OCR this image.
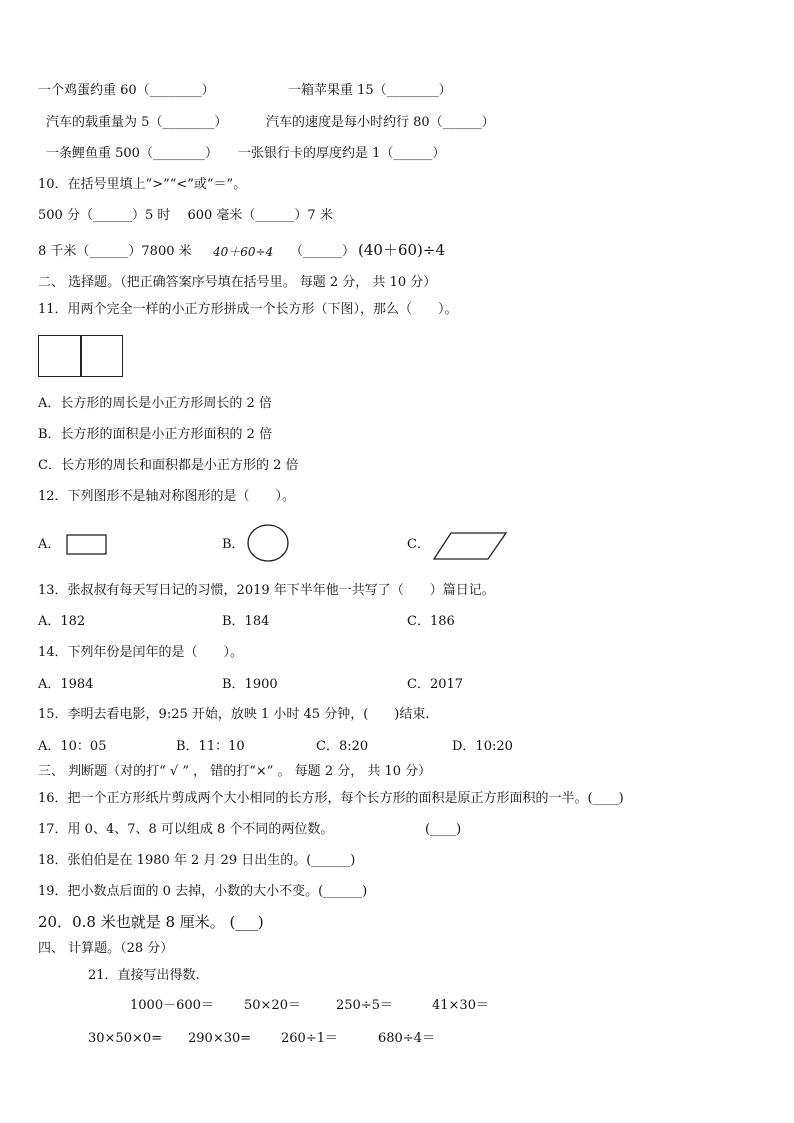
一个鸡蛋约重 60（________）	一箱苹果重 15（________）
汽车的载重量为 5（________）	汽车的速度是每小时约行 80（______）
一条鲤鱼重 500（________） 一张银行卡的厚度约是 1（______）
10．在括号里填上“>”“<”或“＝”。
500 分（______）5 时　 600 毫米（______）7 米
8 千米（______）7800 米 40＋60÷4 （______） (40＋60)÷4
二、 选择题。（把正确答案序号填在括号里。 每题 2 分， 共 10 分）
11．用两个完全一样的小正方形拼成一个长方形（下图），那么（　　）。
A．长方形的周长是小正方形周长的 2 倍
B．长方形的面积是小正方形面积的 2 倍
C．长方形的周长和面积都是小正方形的 2 倍
12．下列图形不是轴对称图形的是（　　）。
A．	B．	C．
13．张叔叔有每天写日记的习惯，2019 年下半年他一共写了（　　）篇日记。
A．182	B．184	C．186
14．下列年份是闰年的是（　　）。
A．1984	B．1900	C．2017
15．李明去看电影，9:25 开始，放映 1 小时 45 分钟，(　　)结束.
A．10：05	B．11：10	C．8:20	D．10:20
三、 判断题（对的打“ √ ” ， 错的打“×” 。 每题 2 分， 共 10 分）
16．把一个正方形纸片剪成两个大小相同的长方形，每个长方形的面积是原正方形面积的一半。(____)
17．用 0、4、7、8 可以组成 8 个不同的两位数。	(____)
18．张伯伯是在 1980 年 2 月 29 日出生的。(______)
19．把小数点后面的 0 去掉，小数的大小不变。(______)
20．0.8 米也就是 8 厘米。 (___)
四、 计算题。（28 分）
21．直接写出得数.
1000－600＝ 50×20＝	250÷5＝	41×30＝
30×50×0= 290×30= 260÷1＝	680÷4＝
